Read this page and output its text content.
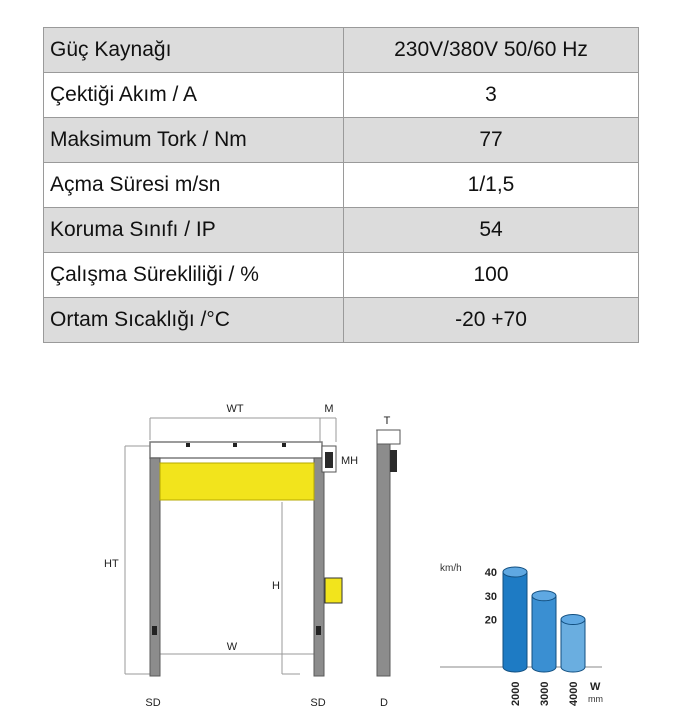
Güç Kaynağı	230V/380V 50/60 Hz
Çektiği Akım / A	3
Maksimum Tork / Nm	77
Açma Süresi m/sn	1/1,5
Koruma Sınıfı / IP	54
Çalışma Sürekliliği / %	100
Ortam Sıcaklığı /°C	-20 +70
WT	M
T
MH
HT
H
W
SD	SD	D
km/h
W
mm
40
30
20
2000 3000 4000
